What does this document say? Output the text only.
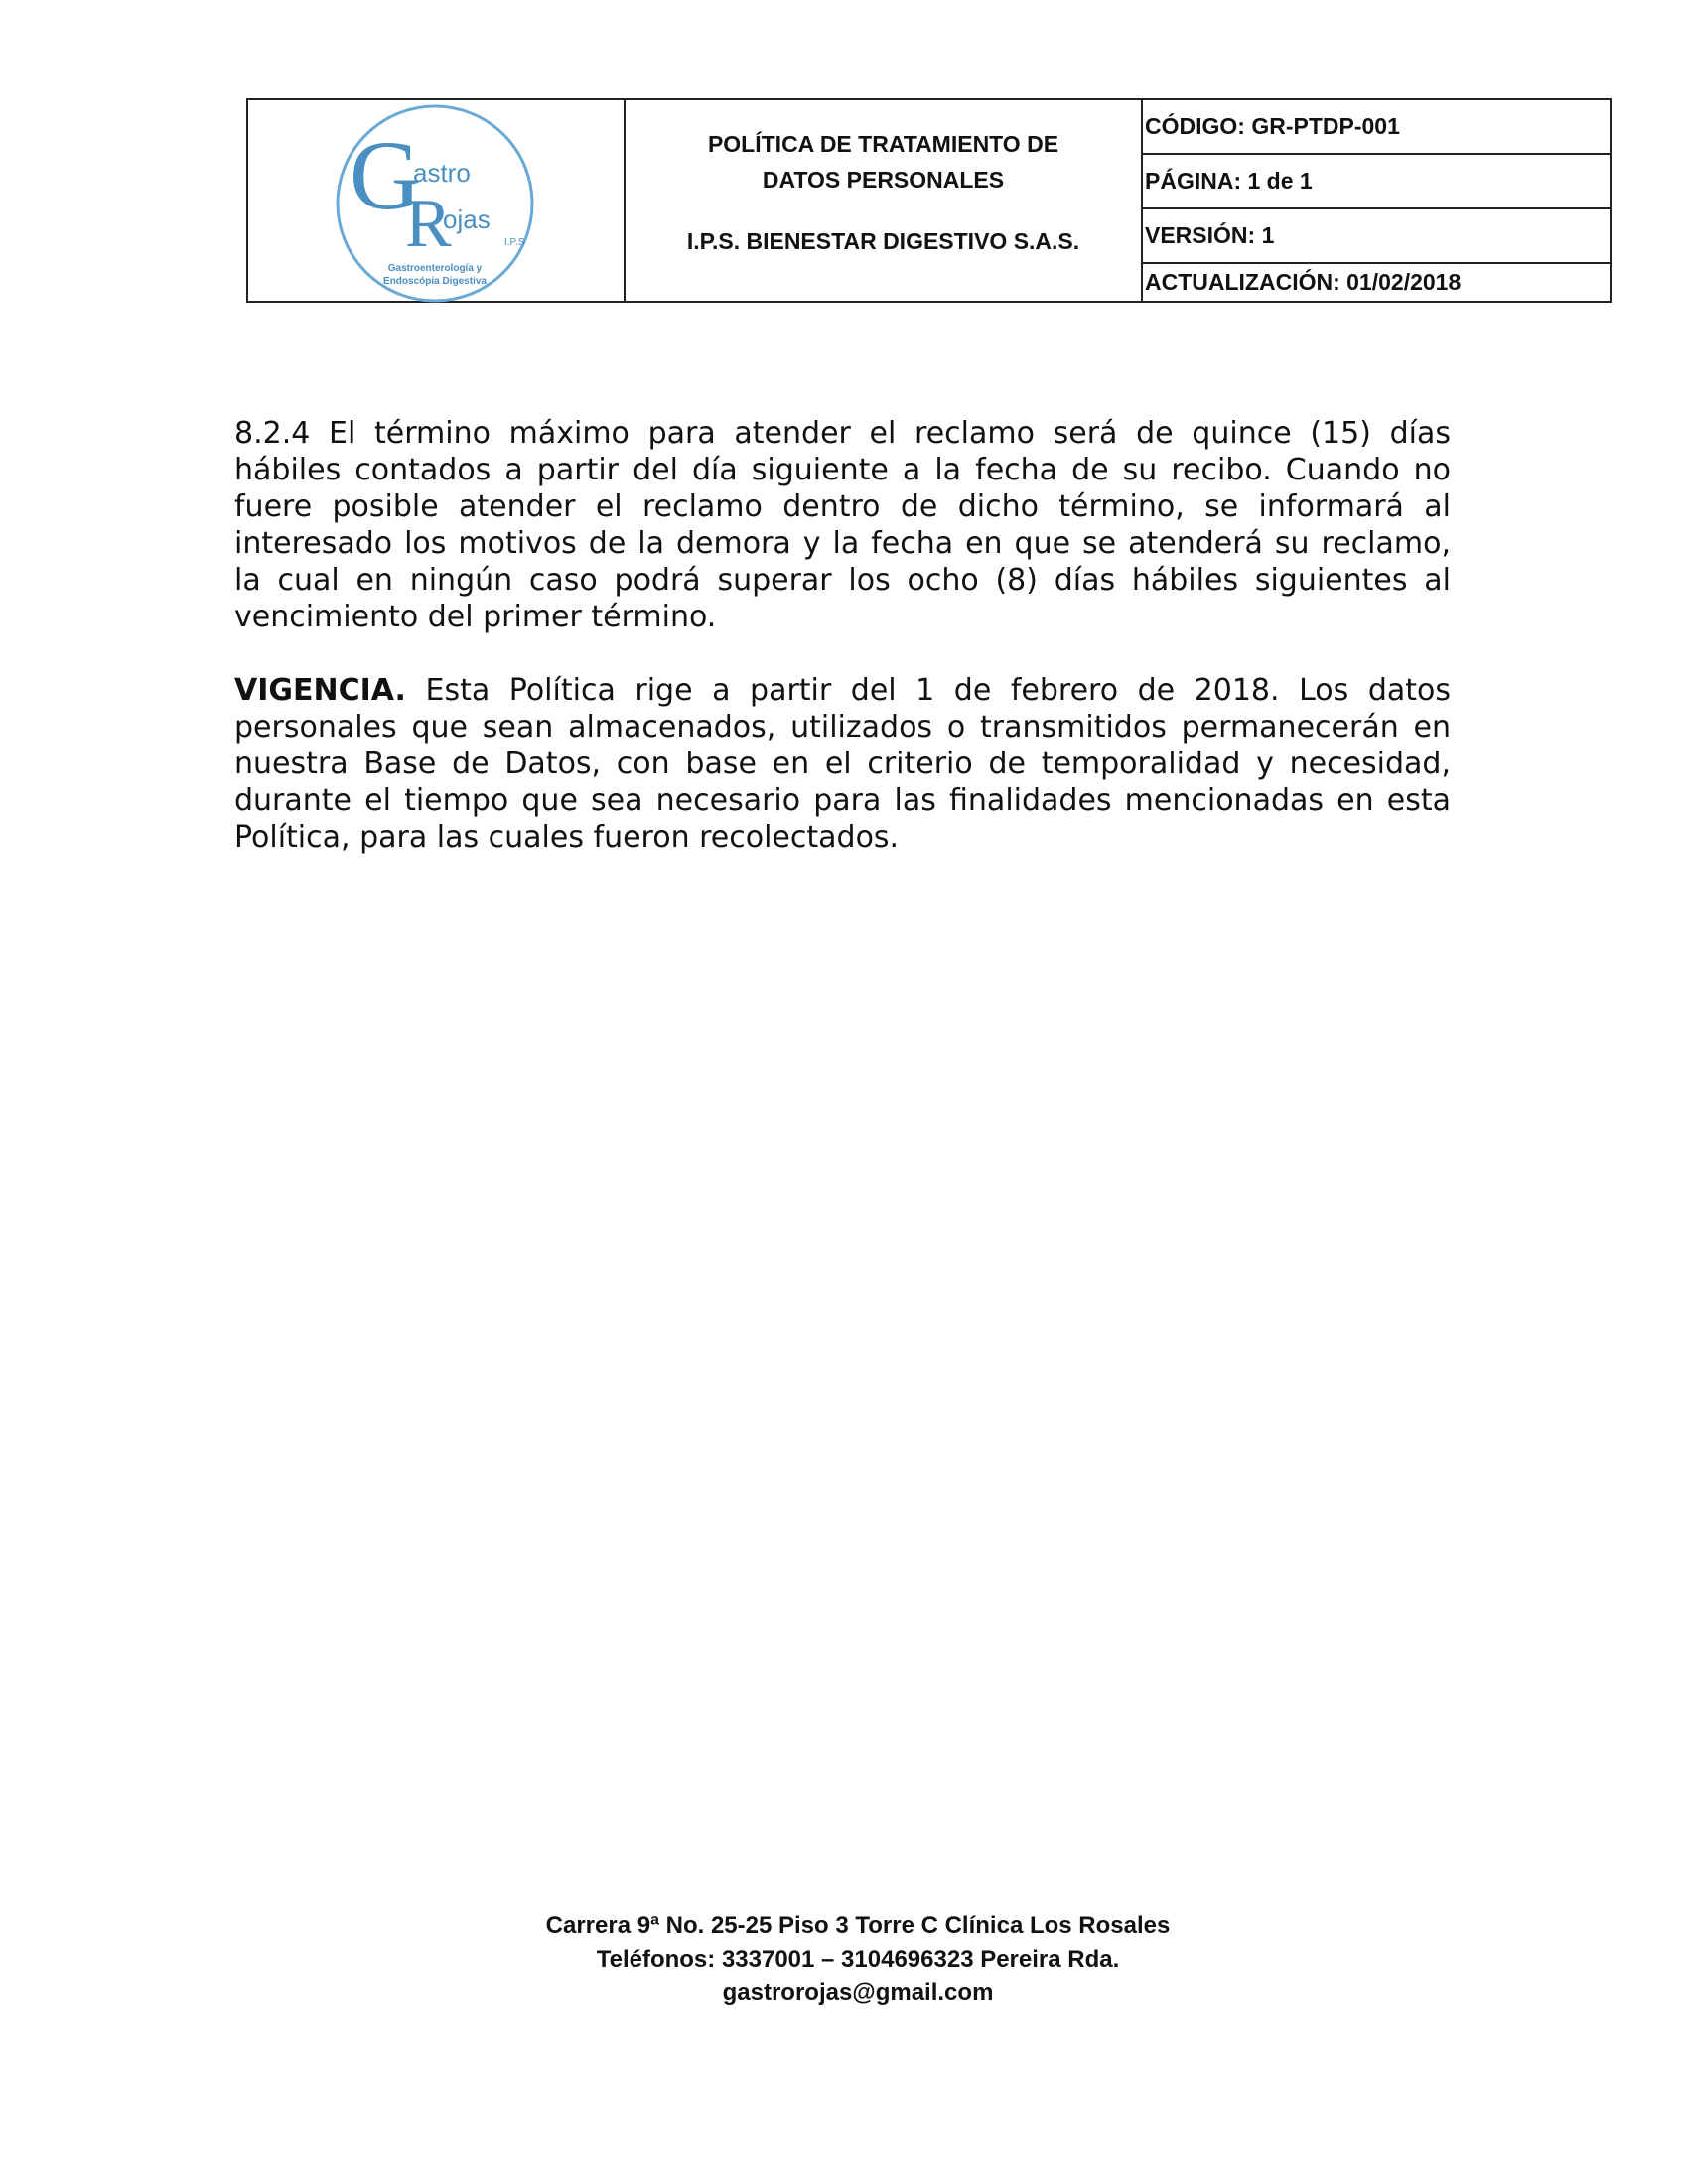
G
astro
R
ojas
I.P.S
Gastroenterología y
Endoscópia Digestiva
POLÍTICA DE TRATAMIENTO DE
DATOS PERSONALES
I.P.S. BIENESTAR DIGESTIVO S.A.S.
CÓDIGO: GR-PTDP-001
PÁGINA: 1 de 1
VERSIÓN: 1
ACTUALIZACIÓN: 01/02/2018

8.2.4 El término máximo para atender el reclamo será de quince (15) días hábiles contados a partir del día siguiente a la fecha de su recibo. Cuando no fuere posible atender el reclamo dentro de dicho término, se informará al interesado los motivos de la demora y la fecha en que se atenderá su reclamo, la cual en ningún caso podrá superar los ocho (8) días hábiles siguientes al vencimiento del primer término.

VIGENCIA. Esta Política rige a partir del 1 de febrero de 2018. Los datos personales que sean almacenados, utilizados o transmitidos permanecerán en nuestra Base de Datos, con base en el criterio de temporalidad y necesidad, durante el tiempo que sea necesario para las finalidades mencionadas en esta Política, para las cuales fueron recolectados.

Carrera 9ª No. 25-25 Piso 3 Torre C Clínica Los Rosales
Teléfonos: 3337001 – 3104696323 Pereira Rda.
gastrorojas@gmail.com
